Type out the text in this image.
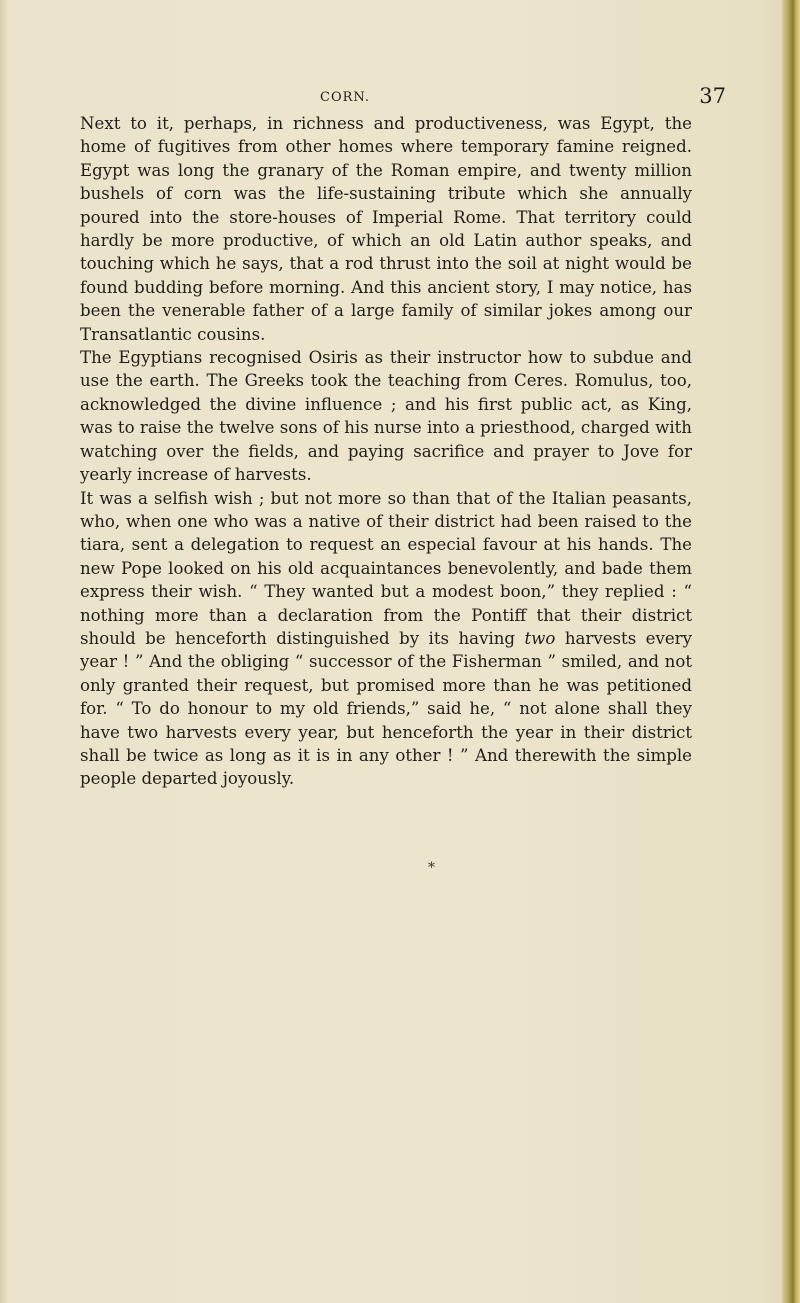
CORN.	37

Next to it, perhaps, in richness and productiveness, was Egypt, the home of fugitives from other homes where temporary famine reigned. Egypt was long the granary of the Roman empire, and twenty million bushels of corn was the life-sustaining tribute which she annually poured into the store-houses of Imperial Rome. That territory could hardly be more productive, of which an old Latin author speaks, and touching which he says, that a rod thrust into the soil at night would be found budding before morning. And this ancient story, I may notice, has been the venerable father of a large family of similar jokes among our Transatlantic cousins.

The Egyptians recognised Osiris as their instructor how to subdue and use the earth. The Greeks took the teaching from Ceres. Romulus, too, acknowledged the divine influence ; and his first public act, as King, was to raise the twelve sons of his nurse into a priesthood, charged with watching over the fields, and paying sacrifice and prayer to Jove for yearly increase of harvests.

It was a selfish wish ; but not more so than that of the Italian peasants, who, when one who was a native of their district had been raised to the tiara, sent a delegation to request an especial favour at his hands. The new Pope looked on his old acquaintances benevolently, and bade them express their wish. “ They wanted but a modest boon,” they replied : “ nothing more than a declaration from the Pontiff that their district should be henceforth distinguished by its having two harvests every year ! ” And the obliging “ successor of the Fisherman ” smiled, and not only granted their request, but promised more than he was petitioned for. “ To do honour to my old friends,” said he, “ not alone shall they have two harvests every year, but henceforth the year in their district shall be twice as long as it is in any other ! ” And therewith the simple people departed joyously.

*
